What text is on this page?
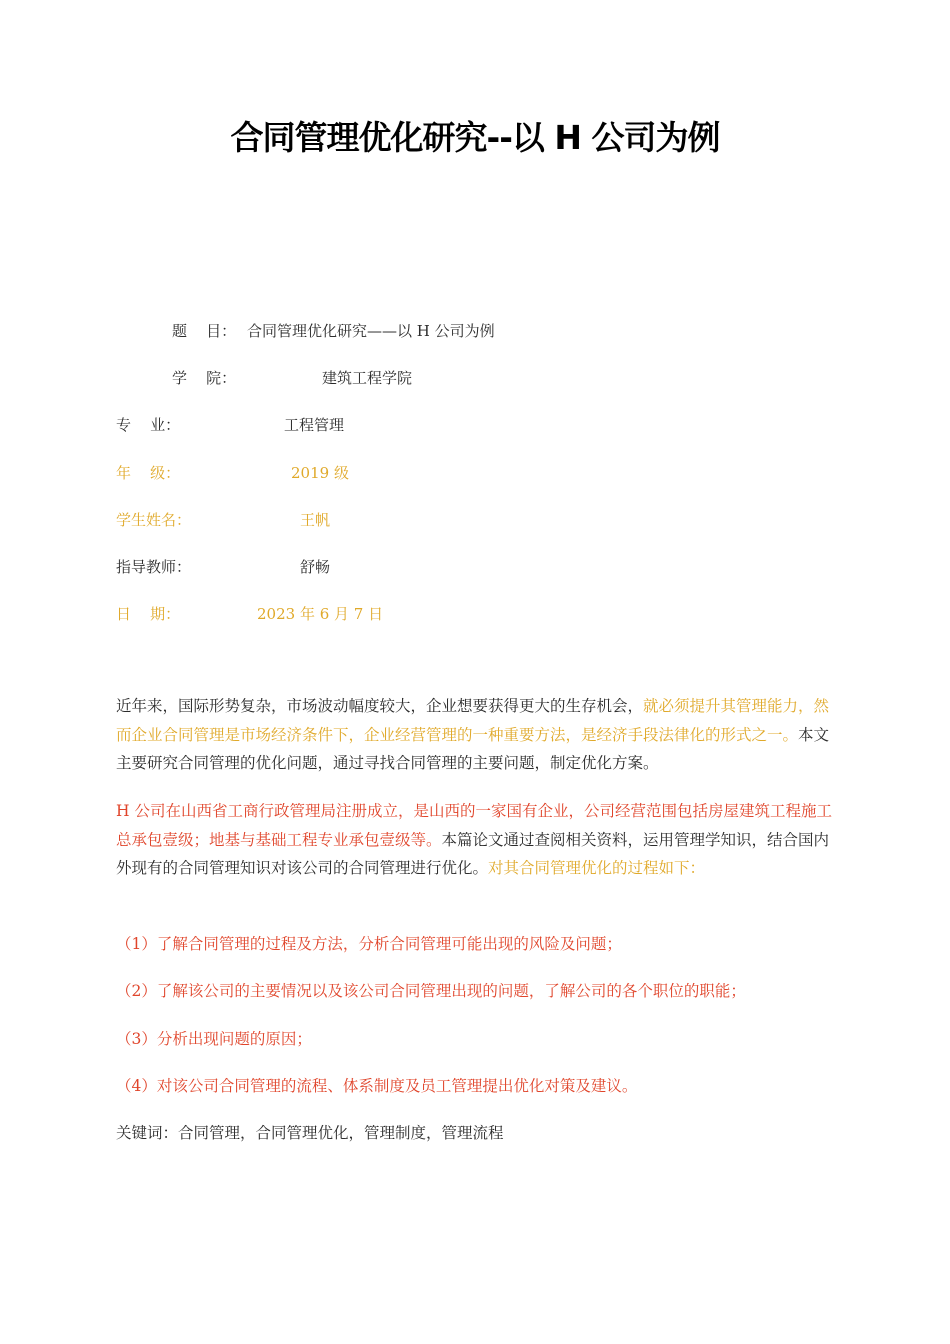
合同管理优化研究--以 H 公司为例
题    目： 合同管理优化研究——以 H 公司为例
学    院：	建筑工程学院
专    业：	工程管理
年    级：	2019 级
学生姓名：	王帆
指导教师：	舒畅
日    期：	2023 年 6 月 7 日

近年来，国际形势复杂，市场波动幅度较大，企业想要获得更大的生存机会，就必须提升其管理能力，然而企业合同管理是市场经济条件下，企业经营管理的一种重要方法，是经济手段法律化的形式之一。本文主要研究合同管理的优化问题，通过寻找合同管理的主要问题，制定优化方案。

H 公司在山西省工商行政管理局注册成立，是山西的一家国有企业，公司经营范围包括房屋建筑工程施工总承包壹级；地基与基础工程专业承包壹级等。本篇论文通过查阅相关资料，运用管理学知识，结合国内外现有的合同管理知识对该公司的合同管理进行优化。对其合同管理优化的过程如下：

（1）了解合同管理的过程及方法，分析合同管理可能出现的风险及问题；

（2）了解该公司的主要情况以及该公司合同管理出现的问题，了解公司的各个职位的职能；

（3）分析出现问题的原因；

（4）对该公司合同管理的流程、体系制度及员工管理提出优化对策及建议。

关键词：合同管理，合同管理优化，管理制度，管理流程
